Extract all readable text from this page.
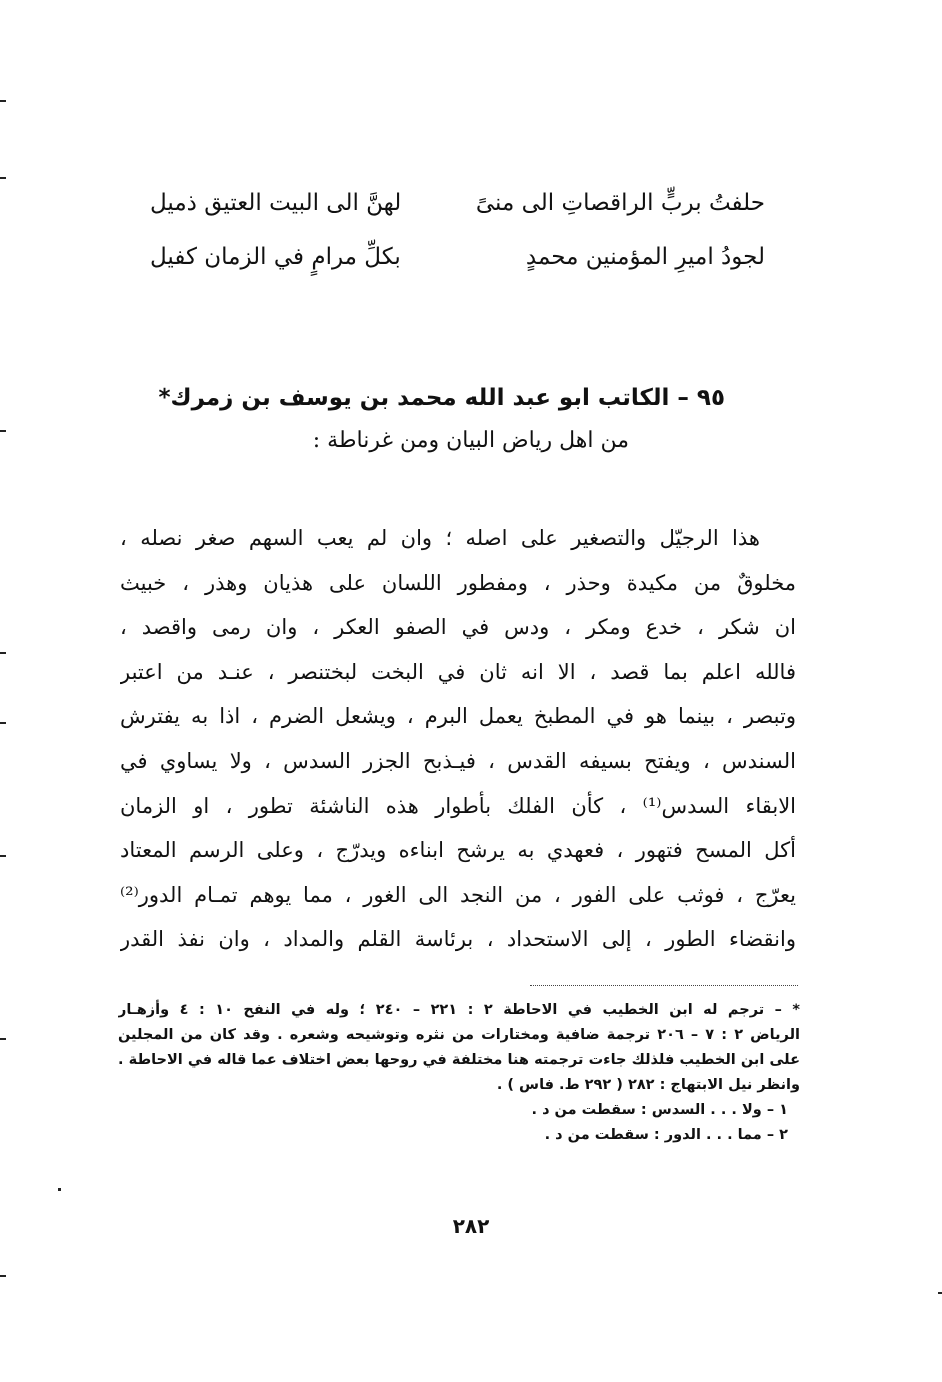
حلفتُ بربٍّ الراقصاتِ الى منىً
لهنَّ الى البيت العتيق ذميل
لجودُ اميرِ المؤمنين محمدٍ
بكلِّ مرامٍ في الزمان كفيل
٩٥ – الكاتب ابو عبد الله محمد بن يوسف بن زمرك*
من اهل رياض البيان ومن غرناطة :
هذا الرجيّل والتصغير على اصله ؛ وان لم يعب السهم صغر نصله ،
مخلوقٌ من مكيدة وحذر ، ومفطور اللسان على هذيان وهذر ، خبيث
ان شكر ، خدع ومكر ، ودس في الصفو العكر ، وان رمى واقصد ،
فالله اعلم بما قصد ، الا انه ثان في البخت لبختنصر ، عنـد من اعتبر
وتبصر ، بينما هو في المطبخ يعمل البرم ، ويشعل الضرم ، اذا به يفترش
السندس ، ويفتح بسيفه القدس ، فيـذبح الجزر السدس ، ولا يساوي في
الابقاء السدس⁽¹⁾ ، كأن الفلك بأطوار هذه الناشئة تطور ، او الزمان
أكل المسح فتهور ، فعهدي به يرشح ابناءه ويدرّج ، وعلى الرسم المعتاد
يعرّج ، فوثب على الفور ، من النجد الى الغور ، مما يوهم تمـام الدور⁽²⁾
وانقضاء الطور ، إلى الاستحداد ، برئاسة القلم والمداد ، وان نفذ القدر
* – ترجم له ابن الخطيب في الاحاطة ٢ : ٢٢١ – ٢٤٠ ؛ وله في النفح ١٠ : ٤ وأزهـار
الرياض ٢ : ٧ – ٢٠٦ ترجمة ضافية ومختارات من نثره وتوشيحه وشعره . وقد كان من المجلين
على ابن الخطيب فلذلك جاءت ترجمته هنا مختلفة في روحها بعض اختلاف عما قاله في الاحاطة .
وانظر نيل الابتهاج : ٢٨٢ ( ٢٩٢ ط. فاس ) .
١ – ولا . . . السدس : سقطت من د .
٢ – مما . . . الدور : سقطت من د .
٢٨٢
